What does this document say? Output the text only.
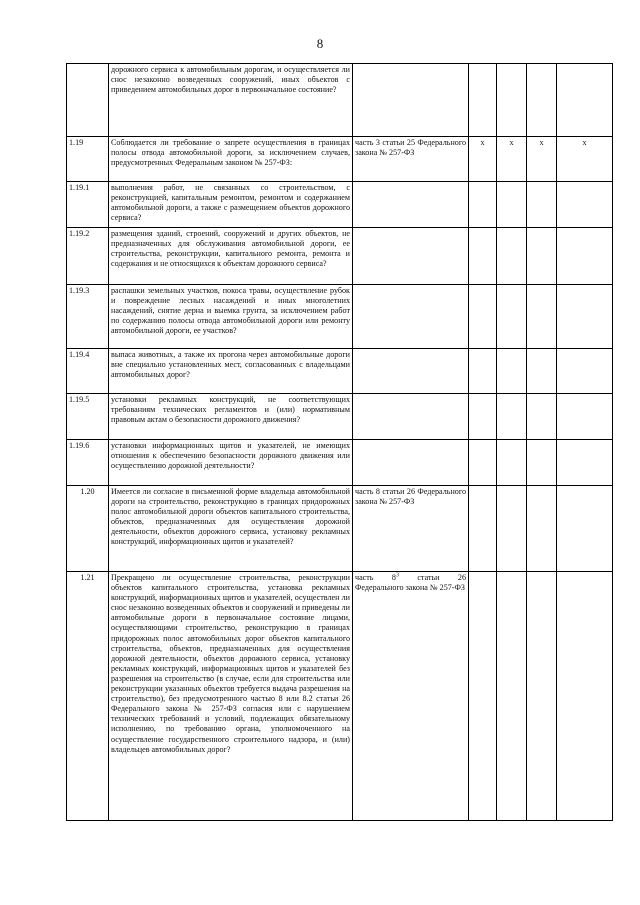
8
	дорожного сервиса к автомобильным дорогам, и осуществляется ли снос незаконно возведенных сооружений, иных объектов с приведением автомобильных дорог в первоначальное состояние?					
1.19	Соблюдается ли требование о запрете осуществления в границах полосы отвода автомобильной дороги, за исключением случаев, предусмотренных Федеральным законом № 257-ФЗ:	часть 3 статьи 25 Федерального закона № 257-ФЗ	х	х	х	х
1.19.1	выполнения работ, не связанных со строительством, с реконструкцией, капитальным ремонтом, ремонтом и содержанием автомобильной дороги, а также с размещением объектов дорожного сервиса?					
1.19.2	размещения зданий, строений, сооружений и других объектов, не предназначенных для обслуживания автомобильной дороги, ее строительства, реконструкции, капитального ремонта, ремонта и содержания и не относящихся к объектам дорожного сервиса?					
1.19.3	распашки земельных участков, покоса травы, осуществление рубок и повреждение лесных насаждений и иных многолетних насаждений, снятие дерна и выемка грунта, за исключением работ по содержанию полосы отвода автомобильной дороги или ремонту автомобильной дороги, ее участков?					
1.19.4	выпаса животных, а также их прогона через автомобильные дороги вне специально установленных мест, согласованных с владельцами автомобильных дорог?					
1.19.5	установки рекламных конструкций, не соответствующих требованиям технических регламентов и (или) нормативным правовым актам о безопасности дорожного движения?					
1.19.6	установки информационных щитов и указателей, не имеющих отношения к обеспечению безопасности дорожного движения или осуществлению дорожной деятельности?					
1.20	Имеется ли согласие в письменной форме владельца автомобильной дороги на строительство, реконструкцию в границах придорожных полос автомобильной дороги объектов капитального строительства, объектов, предназначенных для осуществления дорожной деятельности, объектов дорожного сервиса, установку рекламных конструкций, информационных щитов и указателей?	часть 8 статьи 26 Федерального закона № 257-ФЗ				
1.21	Прекращено ли осуществление строительства, реконструкции объектов капитального строительства, установка рекламных конструкций, информационных щитов и указателей, осуществлен ли снос незаконно возведенных объектов и сооружений и приведены ли автомобильные дороги в первоначальное состояние лицами, осуществляющими строительство, реконструкцию в границах придорожных полос автомобильных дорог объектов капитального строительства, объектов, предназначенных для осуществления дорожной деятельности, объектов дорожного сервиса, установку рекламных конструкций, информационных щитов и указателей без разрешения на строительство (в случае, если для строительства или реконструкции указанных объектов требуется выдача разрешения на строительство), без предусмотренного частью 8 или 8.2 статьи 26 Федерального закона № 257-ФЗ согласия или с нарушением технических требований и условий, подлежащих обязательному исполнению, по требованию органа, уполномоченного на осуществление государственного строительного надзора, и (или) владельцев автомобильных дорог?	часть $8^3$ статьи 26 Федерального закона № 257-ФЗ				
